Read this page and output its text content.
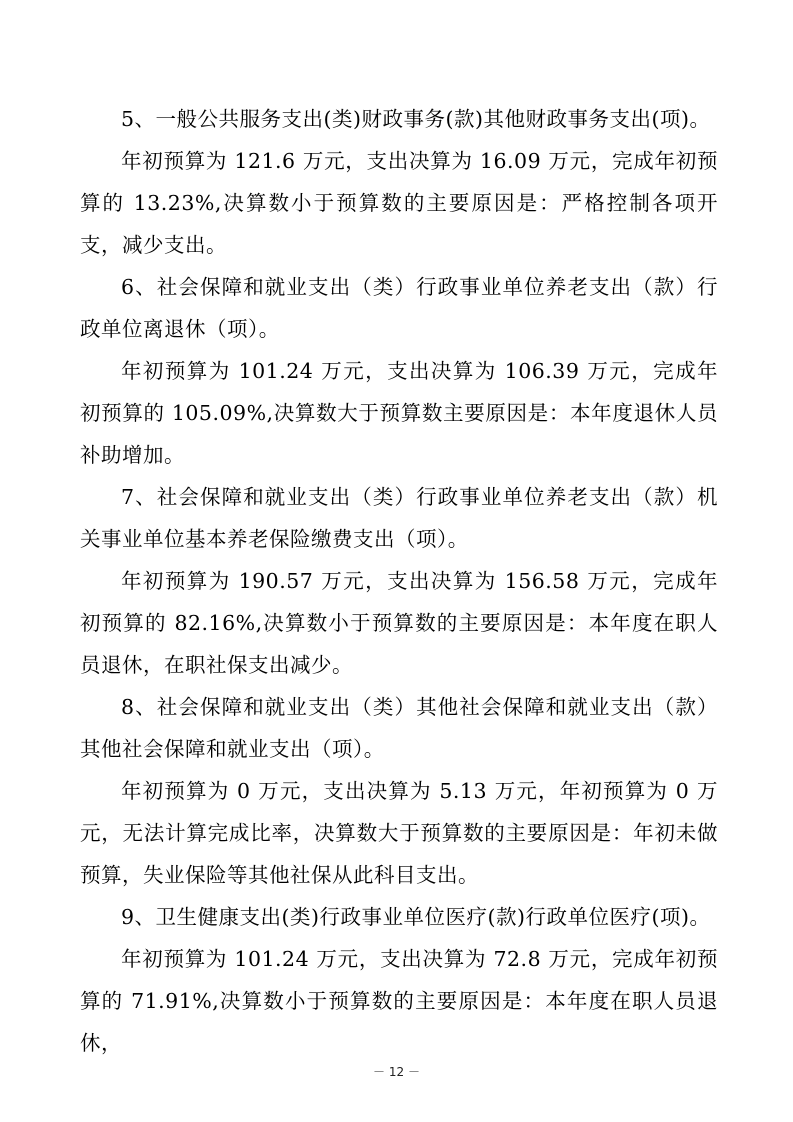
5、一般公共服务支出(类)财政事务(款)其他财政事务支出(项)。

年初预算为 121.6 万元，支出决算为 16.09 万元，完成年初预算的 13.23%,决算数小于预算数的主要原因是：严格控制各项开支，减少支出。

6、社会保障和就业支出（类）行政事业单位养老支出（款）行政单位离退休（项）。

年初预算为 101.24 万元，支出决算为 106.39 万元，完成年初预算的 105.09%,决算数大于预算数主要原因是：本年度退休人员补助增加。

7、社会保障和就业支出（类）行政事业单位养老支出（款）机关事业单位基本养老保险缴费支出（项）。

年初预算为 190.57 万元，支出决算为 156.58 万元，完成年初预算的 82.16%,决算数小于预算数的主要原因是：本年度在职人员退休，在职社保支出减少。

8、社会保障和就业支出（类）其他社会保障和就业支出（款）其他社会保障和就业支出（项）。

年初预算为 0 万元，支出决算为 5.13 万元，年初预算为 0 万元，无法计算完成比率，决算数大于预算数的主要原因是：年初未做预算，失业保险等其他社保从此科目支出。

9、卫生健康支出(类)行政事业单位医疗(款)行政单位医疗(项)。

年初预算为 101.24 万元，支出决算为 72.8 万元，完成年初预算的 71.91%,决算数小于预算数的主要原因是：本年度在职人员退休，

－ 12 －
